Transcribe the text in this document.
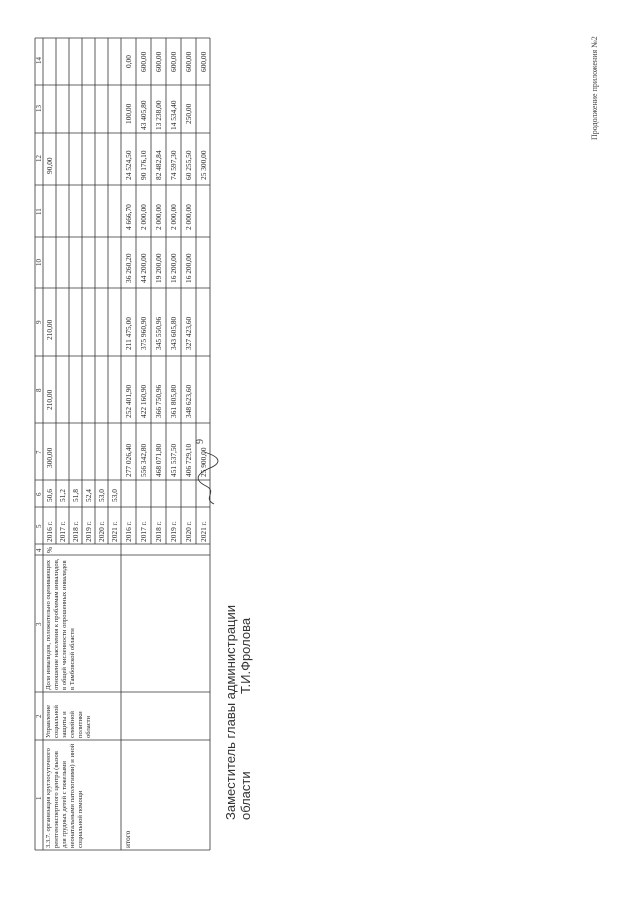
9
Продолжение приложения №2
1
2
3
4
5
6
7
8
9
10
11
12
13
14
3.3.7. организация круглосуточного рентгенэкспертного центра (вызов для грудных детей с тяжелыми неонатальными патологиями) и иной социальной помощи
Управление социальной защиты и семейной политики области
Доля инвалидов, положительно оценивающих отношение населения к проблемам инвалидов, в общей численности опрошенных инвалидов в Тамбовской области
%
2016 г. 2017 г. 2018 г. 2019 г. 2020 г. 2021 г.
50,6 51,2 51,8 52,4 53,0 53,0
300,00
210,00
210,00
90,00
итого
2016 г. 2017 г. 2018 г. 2019 г. 2020 г. 2021 г.
277 026,40 556 342,80 468 071,80 451 537,50 406 729,10 25 900,00
252 401,90 422 160,90 366 750,96 361 805,80 348 623,60
211 475,00 375 960,90 345 550,96 343 605,80 327 423,60
36 260,20 44 200,00 19 200,00 16 200,00 16 200,00
4 666,70 2 000,00 2 000,00 2 000,00 2 000,00
24 524,50 90 176,10 82 482,84 74 597,30 60 255,50 25 300,00
100,00 43 405,80 13 238,00 14 534,40 250,00
0,00 600,00 600,00 600,00 600,00 600,00
Заместитель главы администрации области
Т.И.Фролова
